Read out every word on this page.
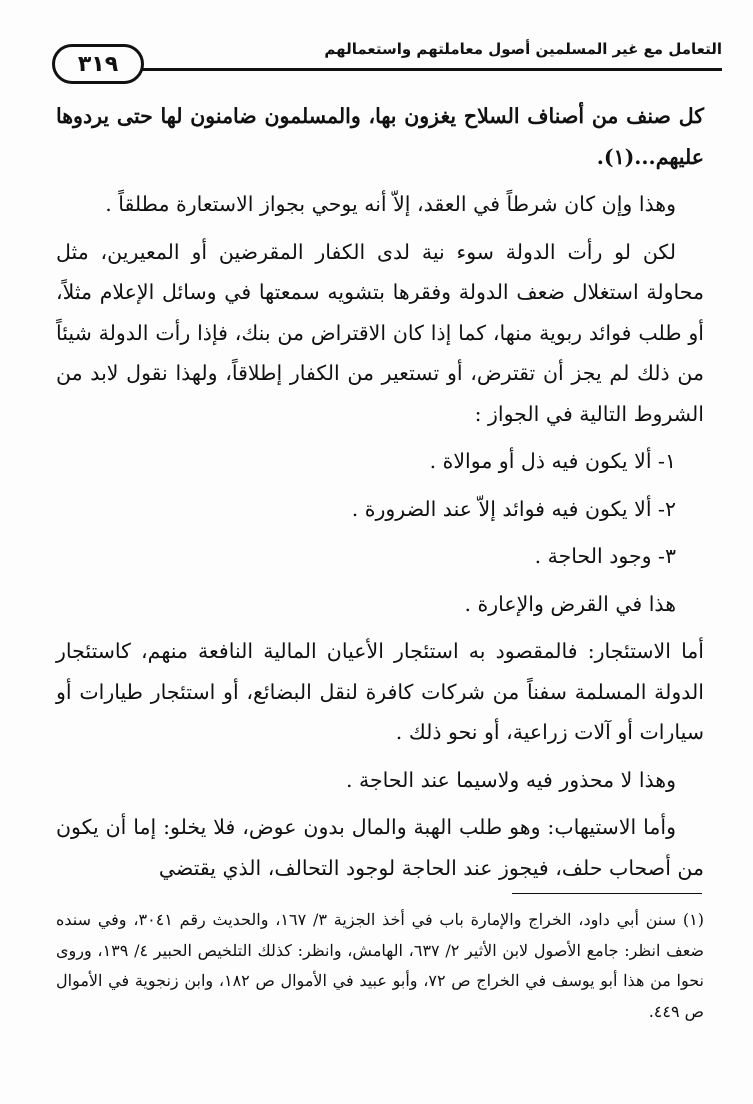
٣١٩
التعامل مع غير المسلمين أصول معاملتهم واستعمالهم

كل صنف من أصناف السلاح يغزون بها، والمسلمون ضامنون لها حتى يردوها عليهم...(١).

وهذا وإن كان شرطاً في العقد، إلاّ أنه يوحي بجواز الاستعارة مطلقاً .

لكن لو رأت الدولة سوء نية لدى الكفار المقرضين أو المعيرين، مثل محاولة استغلال ضعف الدولة وفقرها بتشويه سمعتها في وسائل الإعلام مثلاً، أو طلب فوائد ربوية منها، كما إذا كان الاقتراض من بنك، فإذا رأت الدولة شيئاً من ذلك لم يجز أن تقترض، أو تستعير من الكفار إطلاقاً، ولهذا نقول لابد من الشروط التالية في الجواز :

١- ألا يكون فيه ذل أو موالاة .

٢- ألا يكون فيه فوائد إلاّ عند الضرورة .

٣- وجود الحاجة .

هذا في القرض والإعارة .

أما الاستئجار: فالمقصود به استئجار الأعيان المالية النافعة منهم، كاستئجار الدولة المسلمة سفناً من شركات كافرة لنقل البضائع، أو استئجار طيارات أو سيارات أو آلات زراعية، أو نحو ذلك .

وهذا لا محذور فيه ولاسيما عند الحاجة .

وأما الاستيهاب: وهو طلب الهبة والمال بدون عوض، فلا يخلو: إما أن يكون من أصحاب حلف، فيجوز عند الحاجة لوجود التحالف، الذي يقتضي

(١) سنن أبي داود، الخراج والإمارة باب في أخذ الجزية ٣/ ١٦٧، والحديث رقم ٣٠٤١، وفي سنده ضعف انظر: جامع الأصول لابن الأثير ٢/ ٦٣٧، الهامش، وانظر: كذلك التلخيص الحبير ٤/ ١٣٩، وروى نحوا من هذا أبو يوسف في الخراج ص ٧٢، وأبو عبيد في الأموال ص ١٨٢، وابن زنجوية في الأموال ص ٤٤٩.
